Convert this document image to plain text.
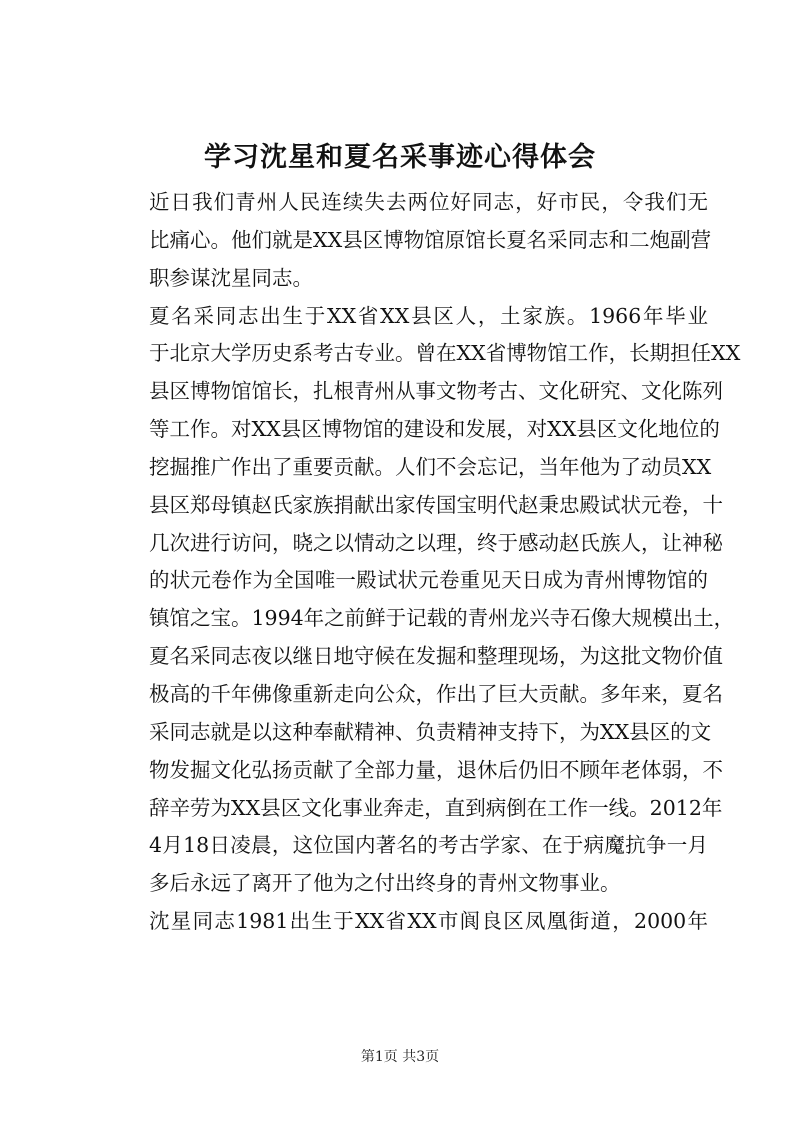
学习沈星和夏名采事迹心得体会

近日我们青州人民连续失去两位好同志，好市民，令我们无
比痛心。他们就是XX县区博物馆原馆长夏名采同志和二炮副营
职参谋沈星同志。

夏名采同志出生于XX省XX县区人，土家族。1966年毕业
于北京大学历史系考古专业。曾在XX省博物馆工作，长期担任XX
县区博物馆馆长，扎根青州从事文物考古、文化研究、文化陈列
等工作。对XX县区博物馆的建设和发展，对XX县区文化地位的
挖掘推广作出了重要贡献。人们不会忘记，当年他为了动员XX
县区郑母镇赵氏家族捐献出家传国宝明代赵秉忠殿试状元卷，十
几次进行访问，晓之以情动之以理，终于感动赵氏族人，让神秘
的状元卷作为全国唯一殿试状元卷重见天日成为青州博物馆的
镇馆之宝。1994年之前鲜于记载的青州龙兴寺石像大规模出土，
夏名采同志夜以继日地守候在发掘和整理现场，为这批文物价值
极高的千年佛像重新走向公众，作出了巨大贡献。多年来，夏名
采同志就是以这种奉献精神、负责精神支持下，为XX县区的文
物发掘文化弘扬贡献了全部力量，退休后仍旧不顾年老体弱，不
辞辛劳为XX县区文化事业奔走，直到病倒在工作一线。2012年
4月18日凌晨，这位国内著名的考古学家、在于病魔抗争一月
多后永远了离开了他为之付出终身的青州文物事业。

沈星同志1981出生于XX省XX市阆良区凤凰街道，2000年

第1页 共3页
